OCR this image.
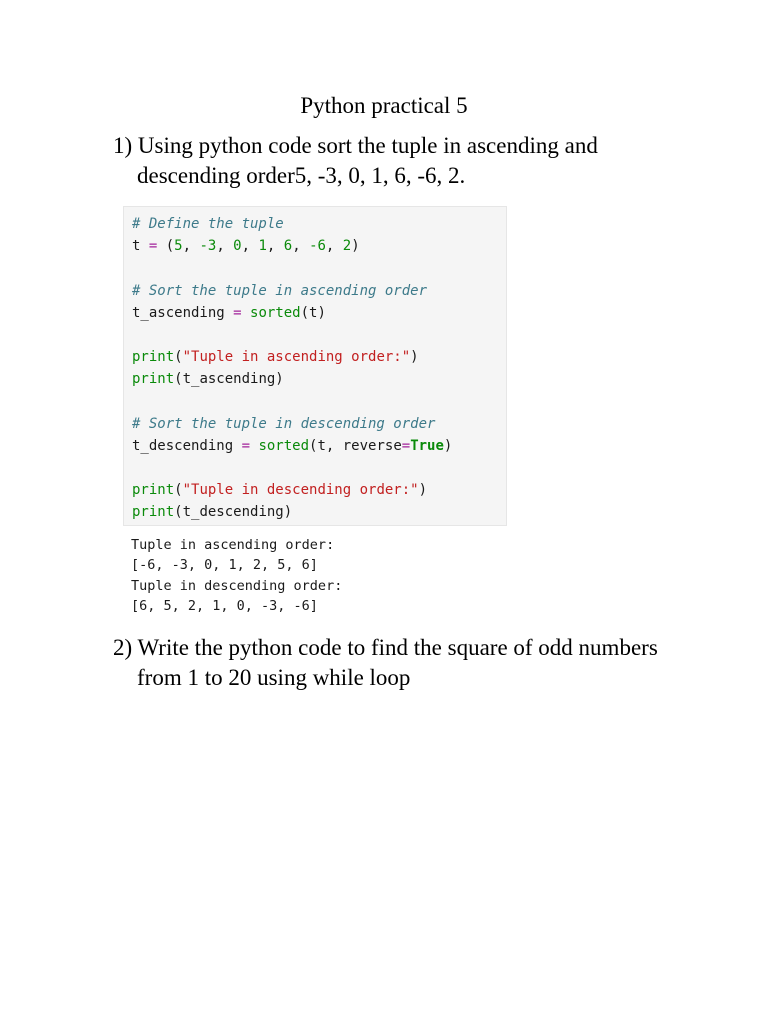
Python practical 5
1) Using python code sort the tuple in ascending and
descending order5, -3, 0, 1, 6, -6, 2.
# Define the tuple
t = (5, -3, 0, 1, 6, -6, 2)
# Sort the tuple in ascending order
t_ascending = sorted(t)
print("Tuple in ascending order:")
print(t_ascending)
# Sort the tuple in descending order
t_descending = sorted(t, reverse=True)
print("Tuple in descending order:")
print(t_descending)
Tuple in ascending order:
[-6, -3, 0, 1, 2, 5, 6]
Tuple in descending order:
[6, 5, 2, 1, 0, -3, -6]
2) Write the python code to find the square of odd numbers
from 1 to 20 using while loop
